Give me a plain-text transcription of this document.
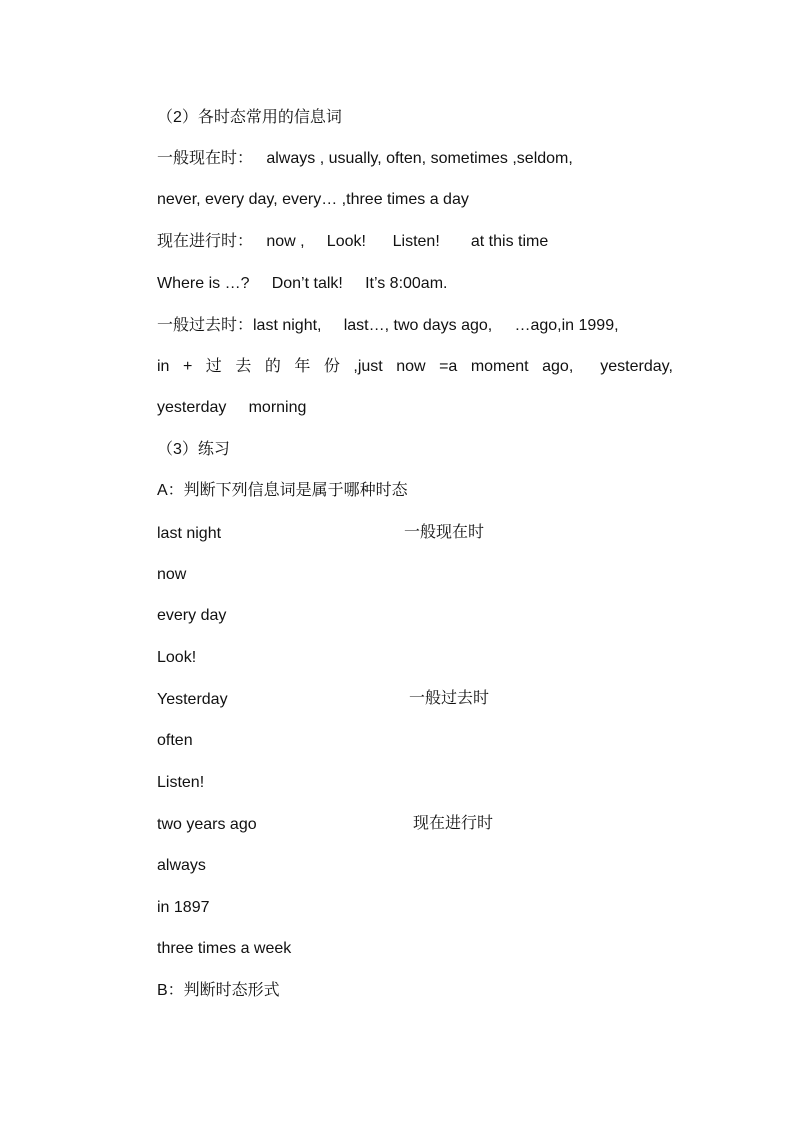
（2）各时态常用的信息词
一般现在时：   always , usually, often, sometimes ,seldom,
never, every day, every… ,three times a day
现在进行时：   now ,     Look!      Listen!       at this time
Where is …?     Don’t talk!     It’s 8:00am.
一般过去时：last night,     last…, two days ago,     …ago,in 1999,
in + 过 去 的 年 份 ,just now =a moment ago, yesterday,
yesterday     morning
（3）练习
A：判断下列信息词是属于哪种时态
last night	一般现在时
now
every day
Look!
Yesterday	一般过去时
often
Listen!
two years ago	现在进行时
always
in 1897
three times a week
B：判断时态形式
